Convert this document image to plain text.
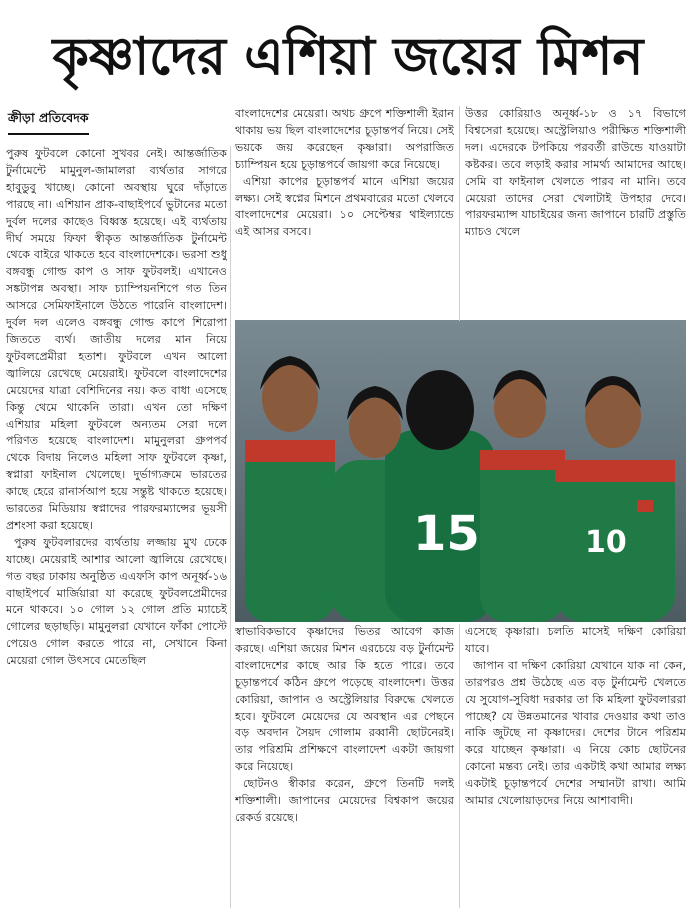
কৃষ্ণাদের এশিয়া জয়ের মিশন
ক্রীড়া প্রতিবেদক

পুরুষ ফুটবলে কোনো সুখবর নেই। আন্তর্জাতিক টুর্নামেন্টে মামুনুল-জামালরা ব্যর্থতার সাগরে হাবুডুবু খাচ্ছে। কোনো অবস্থায় ঘুরে দাঁড়াতে পারছে না। এশিয়ান প্রাক-বাছাইপর্বে ভুটানের মতো দুর্বল দলের কাছেও বিধ্বস্ত হয়েছে। এই ব্যর্থতায় দীর্ঘ সময়ে ফিফা স্বীকৃত আন্তর্জাতিক টুর্নামেন্ট থেকে বাইরে থাকতে হবে বাংলাদেশকে। ভরসা শুধু বঙ্গবন্ধু গোল্ড কাপ ও সাফ ফুটবলই। এখানেও সঙ্কটাপন্ন অবস্থা। সাফ চ্যাম্পিয়নশিপে গত তিন আসরে সেমিফাইনালে উঠতে পারেনি বাংলাদেশ। দুর্বল দল এলেও বঙ্গবন্ধু গোল্ড কাপে শিরোপা জিততে ব্যর্থ। জাতীয় দলের মান নিয়ে ফুটবলপ্রেমীরা হতাশ। ফুটবলে এখন আলো জ্বালিয়ে রেখেছে মেয়েরাই। ফুটবলে বাংলাদেশের মেয়েদের যাত্রা বেশিদিনের নয়। কত বাধা এসেছে কিন্তু থেমে থাকেনি তারা। এখন তো দক্ষিণ এশিয়ার মহিলা ফুটবলে অন্যতম সেরা দলে পরিণত হয়েছে বাংলাদেশ। মামুনুলরা গ্রুপপর্ব থেকে বিদায় নিলেও মহিলা সাফ ফুটবলে কৃষ্ণা, স্বপ্নারা ফাইনাল খেলেছে। দুর্ভাগ্যক্রমে ভারতের কাছে হেরে রানার্সআপ হয়ে সন্তুষ্ট থাকতে হয়েছে। ভারতের মিডিয়ায় স্বপ্নাদের পারফরম্যান্সের ভূয়সী প্রশংসা করা হয়েছে।

পুরুষ ফুটবলারদের ব্যর্থতায় লজ্জায় মুখ ঢেকে যাচ্ছে। মেয়েরাই আশার আলো জ্বালিয়ে রেখেছে। গত বছর ঢাকায় অনুষ্ঠিত এএফসি কাপ অনূর্ধ্ব-১৬ বাছাইপর্বে মার্জিয়ারা যা করেছে ফুটবলপ্রেমীদের মনে থাকবে। ১০ গোল ১২ গোল প্রতি ম্যাচেই গোলের ছড়াছড়ি। মামুনুলরা যেখানে ফাঁকা পোস্টে পেয়েও গোল করতে পারে না, সেখানে কিনা মেয়েরা গোল উৎসবে মেতেছিল

বাংলাদেশের মেয়েরা। অথচ গ্রুপে শক্তিশালী ইরান থাকায় ভয় ছিল বাংলাদেশের চূড়ান্তপর্ব নিয়ে। সেই ভয়কে জয় করেছেন কৃষ্ণারা। অপরাজিত চ্যাম্পিয়ন হয়ে চূড়ান্তপর্বে জায়গা করে নিয়েছে।

এশিয়া কাপের চূড়ান্তপর্ব মানে এশিয়া জয়ের লক্ষ্য। সেই স্বপ্নের মিশনে প্রথমবারের মতো খেলবে বাংলাদেশের মেয়েরা। ১০ সেপ্টেম্বর থাইল্যান্ডে এই আসর বসবে।

উত্তর কোরিয়াও অনূর্ধ্ব-১৮ ও ১৭ বিভাগে বিশ্বসেরা হয়েছে। অস্ট্রেলিয়াও পরীক্ষিত শক্তিশালী দল। এদেরকে টপকিয়ে পরবর্তী রাউন্ডে যাওয়াটা কষ্টকর। তবে লড়াই করার সামর্থ্য আমাদের আছে। সেমি বা ফাইনাল খেলতে পারব না মানি। তবে মেয়েরা তাদের সেরা খেলাটাই উপহার দেবে। পারফরম্যান্স যাচাইয়ের জন্য জাপানে চারটি প্রস্তুতি ম্যাচও খেলে

15	10

স্বাভাবিকভাবে কৃষ্ণাদের ভিতর আবেগ কাজ করছে। এশিয়া জয়ের মিশন এরচেয়ে বড় টুর্নামেন্ট বাংলাদেশের কাছে আর কি হতে পারে। তবে চূড়ান্তপর্বে কঠিন গ্রুপে পড়েছে বাংলাদেশ। উত্তর কোরিয়া, জাপান ও অস্ট্রেলিয়ার বিরুদ্ধে খেলতে হবে। ফুটবলে মেয়েদের যে অবস্থান এর পেছনে বড় অবদান সৈয়দ গোলাম রব্বানী ছোটনেরই। তার পরিশ্রমি প্রশিক্ষণে বাংলাদেশ একটা জায়গা করে নিয়েছে।

ছোটনও স্বীকার করেন, গ্রুপে তিনটি দলই শক্তিশালী। জাপানের মেয়েদের বিশ্বকাপ জয়ের রেকর্ড রয়েছে।

এসেছে কৃষ্ণারা। চলতি মাসেই দক্ষিণ কোরিয়া যাবে।

জাপান বা দক্ষিণ কোরিয়া যেখানে যাক না কেন, তারপরও প্রশ্ন উঠেছে এত বড় টুর্নামেন্ট খেলতে যে সুযোগ-সুবিধা দরকার তা কি মহিলা ফুটবলাররা পাচ্ছে? যে উন্নতমানের খাবার দেওয়ার কথা তাও নাকি জুটছে না কৃষ্ণাদের। দেশের টানে পরিশ্রম করে যাচ্ছেন কৃষ্ণারা। এ নিয়ে কোচ ছোটনের কোনো মন্তব্য নেই। তার একটাই কথা আমার লক্ষ্য একটাই চূড়ান্তপর্বে দেশের সম্মানটা রাখা। আমি আমার খেলোয়াড়দের নিয়ে আশাবাদী।
